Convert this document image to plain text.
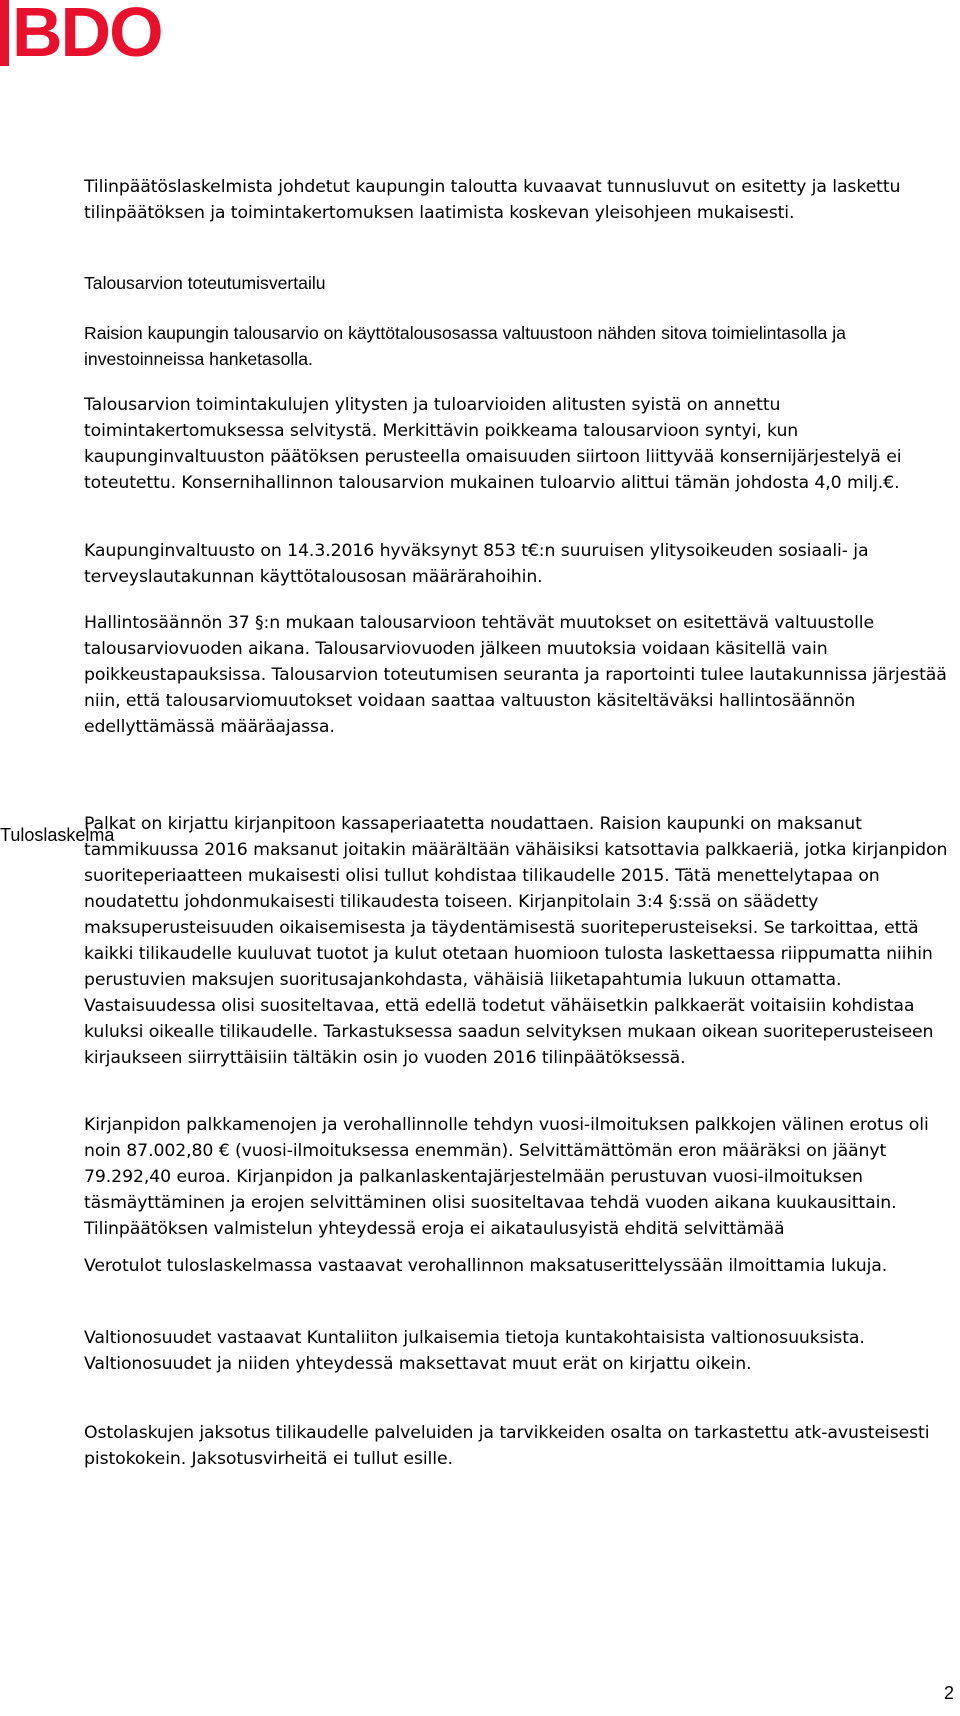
BDO

Tilinpäätöslaskelmista johdetut kaupungin taloutta kuvaavat tunnusluvut on esitetty ja laskettu tilinpäätöksen ja toimintakertomuksen laatimista koskevan yleisohjeen mukaisesti.

Talousarvion toteutumisvertailu

Raision kaupungin talousarvio on käyttötalousosassa valtuustoon nähden sitova toimielintasolla ja investoinneissa hanketasolla.

Talousarvion toimintakulujen ylitysten ja tuloarvioiden alitusten syistä on annettu toimintakertomuksessa selvitystä. Merkittävin poikkeama talousarvioon syntyi, kun kaupunginvaltuuston päätöksen perusteella omaisuuden siirtoon liittyvää konsernijärjestelyä ei toteutettu. Konsernihallinnon talousarvion mukainen tuloarvio alittui tämän johdosta 4,0 milj.€.

Kaupunginvaltuusto on 14.3.2016 hyväksynyt 853 t€:n suuruisen ylitysoikeuden sosiaali- ja terveyslautakunnan käyttötalousosan määrärahoihin.

Hallintosäännön 37 §:n mukaan talousarvioon tehtävät muutokset on esitettävä valtuustolle talousarviovuoden aikana. Talousarviovuoden jälkeen muutoksia voidaan käsitellä vain poikkeustapauksissa. Talousarvion toteutumisen seuranta ja raportointi tulee lautakunnissa järjestää niin, että talousarviomuutokset voidaan saattaa valtuuston käsiteltäväksi hallintosäännön edellyttämässä määräajassa.

Tuloslaskelma

Palkat on kirjattu kirjanpitoon kassaperiaatetta noudattaen. Raision kaupunki on maksanut tammikuussa 2016 maksanut joitakin määrältään vähäisiksi katsottavia palkkaeriä, jotka kirjanpidon suoriteperiaatteen mukaisesti olisi tullut kohdistaa tilikaudelle 2015. Tätä menettelytapaa on noudatettu johdonmukaisesti tilikaudesta toiseen. Kirjanpitolain 3:4 §:ssä on säädetty maksuperusteisuuden oikaisemisesta ja täydentämisestä suoriteperusteiseksi. Se tarkoittaa, että kaikki tilikaudelle kuuluvat tuotot ja kulut otetaan huomioon tulosta laskettaessa riippumatta niihin perustuvien maksujen suoritusajankohdasta, vähäisiä liiketapahtumia lukuun ottamatta. Vastaisuudessa olisi suositeltavaa, että edellä todetut vähäisetkin palkkaerät voitaisiin kohdistaa kuluksi oikealle tilikaudelle. Tarkastuksessa saadun selvityksen mukaan oikean suoriteperusteiseen kirjaukseen siirryttäisiin tältäkin osin jo vuoden 2016 tilinpäätöksessä.

Kirjanpidon palkkamenojen ja verohallinnolle tehdyn vuosi-ilmoituksen palkkojen välinen erotus oli noin 87.002,80 € (vuosi-ilmoituksessa enemmän). Selvittämättömän eron määräksi on jäänyt 79.292,40 euroa. Kirjanpidon ja palkanlaskentajärjestelmään perustuvan vuosi-ilmoituksen täsmäyttäminen ja erojen selvittäminen olisi suositeltavaa tehdä vuoden aikana kuukausittain. Tilinpäätöksen valmistelun yhteydessä eroja ei aikataulusyistä ehditä selvittämää

Verotulot tuloslaskelmassa vastaavat verohallinnon maksatuserittelyssään ilmoittamia lukuja.

Valtionosuudet vastaavat Kuntaliiton julkaisemia tietoja kuntakohtaisista valtionosuuksista. Valtionosuudet ja niiden yhteydessä maksettavat muut erät on kirjattu oikein.

Ostolaskujen jaksotus tilikaudelle palveluiden ja tarvikkeiden osalta on tarkastettu atk-avusteisesti pistokokein. Jaksotusvirheitä ei tullut esille.

2
